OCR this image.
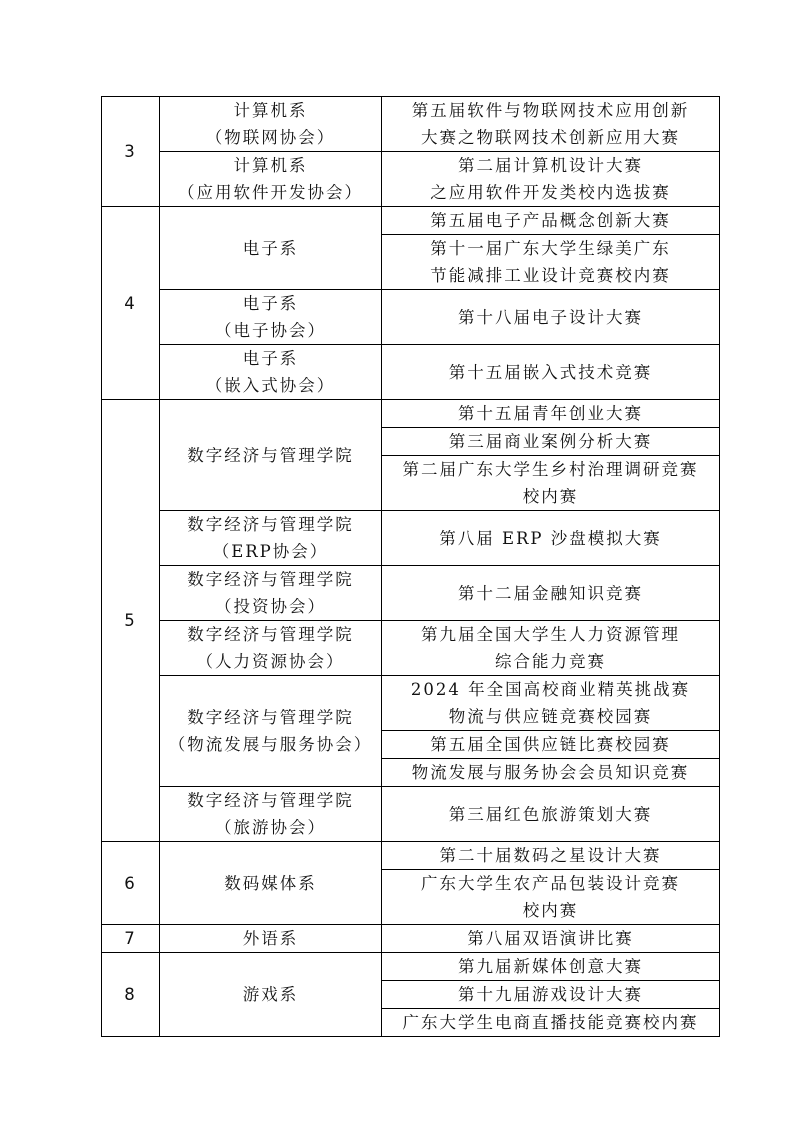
3	计算机系
（物联网协会）	第五届软件与物联网技术应用创新
大赛之物联网技术创新应用大赛

	计算机系
（应用软件开发协会）	第二届计算机设计大赛
之应用软件开发类校内选拔赛

4	电子系	第五届电子产品概念创新大赛

		第十一届广东大学生绿美广东
节能减排工业设计竞赛校内赛

	电子系
（电子协会）	第十八届电子设计大赛

	电子系
（嵌入式协会）	第十五届嵌入式技术竞赛

5	数字经济与管理学院	第十五届青年创业大赛

		第三届商业案例分析大赛

		第二届广东大学生乡村治理调研竞赛
校内赛

	数字经济与管理学院
（ERP协会）	第八届 ERP 沙盘模拟大赛

	数字经济与管理学院
（投资协会）	第十二届金融知识竞赛

	数字经济与管理学院
（人力资源协会）	第九届全国大学生人力资源管理
综合能力竞赛

	数字经济与管理学院
（物流发展与服务协会）	2024 年全国高校商业精英挑战赛
物流与供应链竞赛校园赛

		第五届全国供应链比赛校园赛

		物流发展与服务协会会员知识竞赛

	数字经济与管理学院
（旅游协会）	第三届红色旅游策划大赛

6	数码媒体系	第二十届数码之星设计大赛

		广东大学生农产品包装设计竞赛
校内赛

7	外语系	第八届双语演讲比赛

8	游戏系	第九届新媒体创意大赛

		第十九届游戏设计大赛

		广东大学生电商直播技能竞赛校内赛
